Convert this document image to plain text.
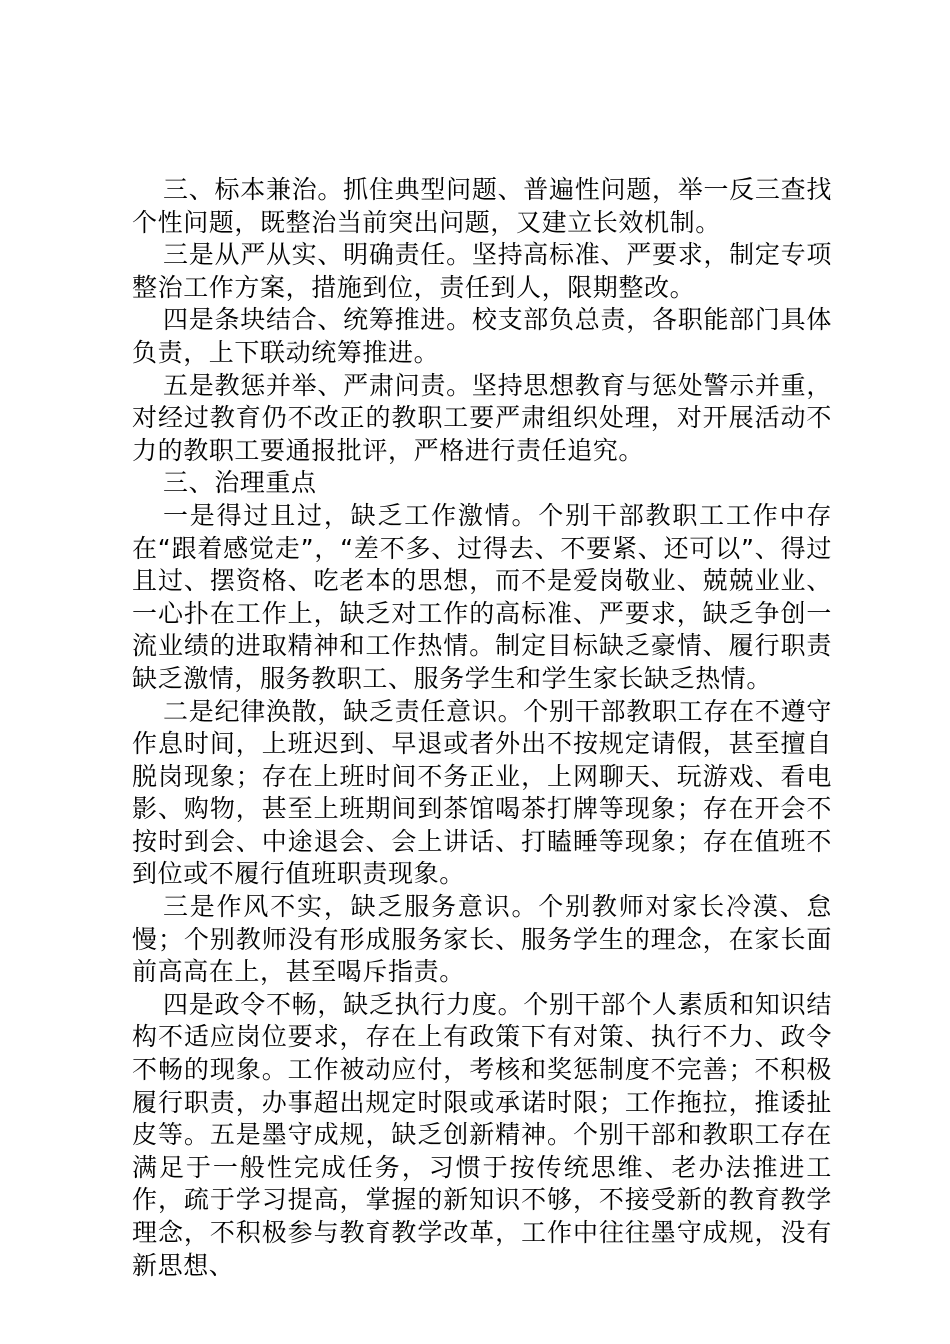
三、标本兼治。抓住典型问题、普遍性问题，举一反三查找个性问题，既整治当前突出问题，又建立长效机制。

三是从严从实、明确责任。坚持高标准、严要求，制定专项整治工作方案，措施到位，责任到人，限期整改。

四是条块结合、统筹推进。校支部负总责，各职能部门具体负责，上下联动统筹推进。

五是教惩并举、严肃问责。坚持思想教育与惩处警示并重，对经过教育仍不改正的教职工要严肃组织处理，对开展活动不力的教职工要通报批评，严格进行责任追究。

三、治理重点

一是得过且过，缺乏工作激情。个别干部教职工工作中存在“跟着感觉走”，“差不多、过得去、不要紧、还可以”、得过且过、摆资格、吃老本的思想，而不是爱岗敬业、兢兢业业、一心扑在工作上，缺乏对工作的高标准、严要求，缺乏争创一流业绩的进取精神和工作热情。制定目标缺乏豪情、履行职责缺乏激情，服务教职工、服务学生和学生家长缺乏热情。

二是纪律涣散，缺乏责任意识。个别干部教职工存在不遵守作息时间，上班迟到、早退或者外出不按规定请假，甚至擅自脱岗现象；存在上班时间不务正业，上网聊天、玩游戏、看电影、购物，甚至上班期间到茶馆喝茶打牌等现象；存在开会不按时到会、中途退会、会上讲话、打瞌睡等现象；存在值班不到位或不履行值班职责现象。

三是作风不实，缺乏服务意识。个别教师对家长冷漠、怠慢；个别教师没有形成服务家长、服务学生的理念，在家长面前高高在上，甚至喝斥指责。

四是政令不畅，缺乏执行力度。个别干部个人素质和知识结构不适应岗位要求，存在上有政策下有对策、执行不力、政令不畅的现象。工作被动应付，考核和奖惩制度不完善；不积极履行职责，办事超出规定时限或承诺时限；工作拖拉，推诿扯皮等。五是墨守成规，缺乏创新精神。个别干部和教职工存在满足于一般性完成任务，习惯于按传统思维、老办法推进工作，疏于学习提高，掌握的新知识不够，不接受新的教育教学理念，不积极参与教育教学改革，工作中往往墨守成规，没有新思想、
